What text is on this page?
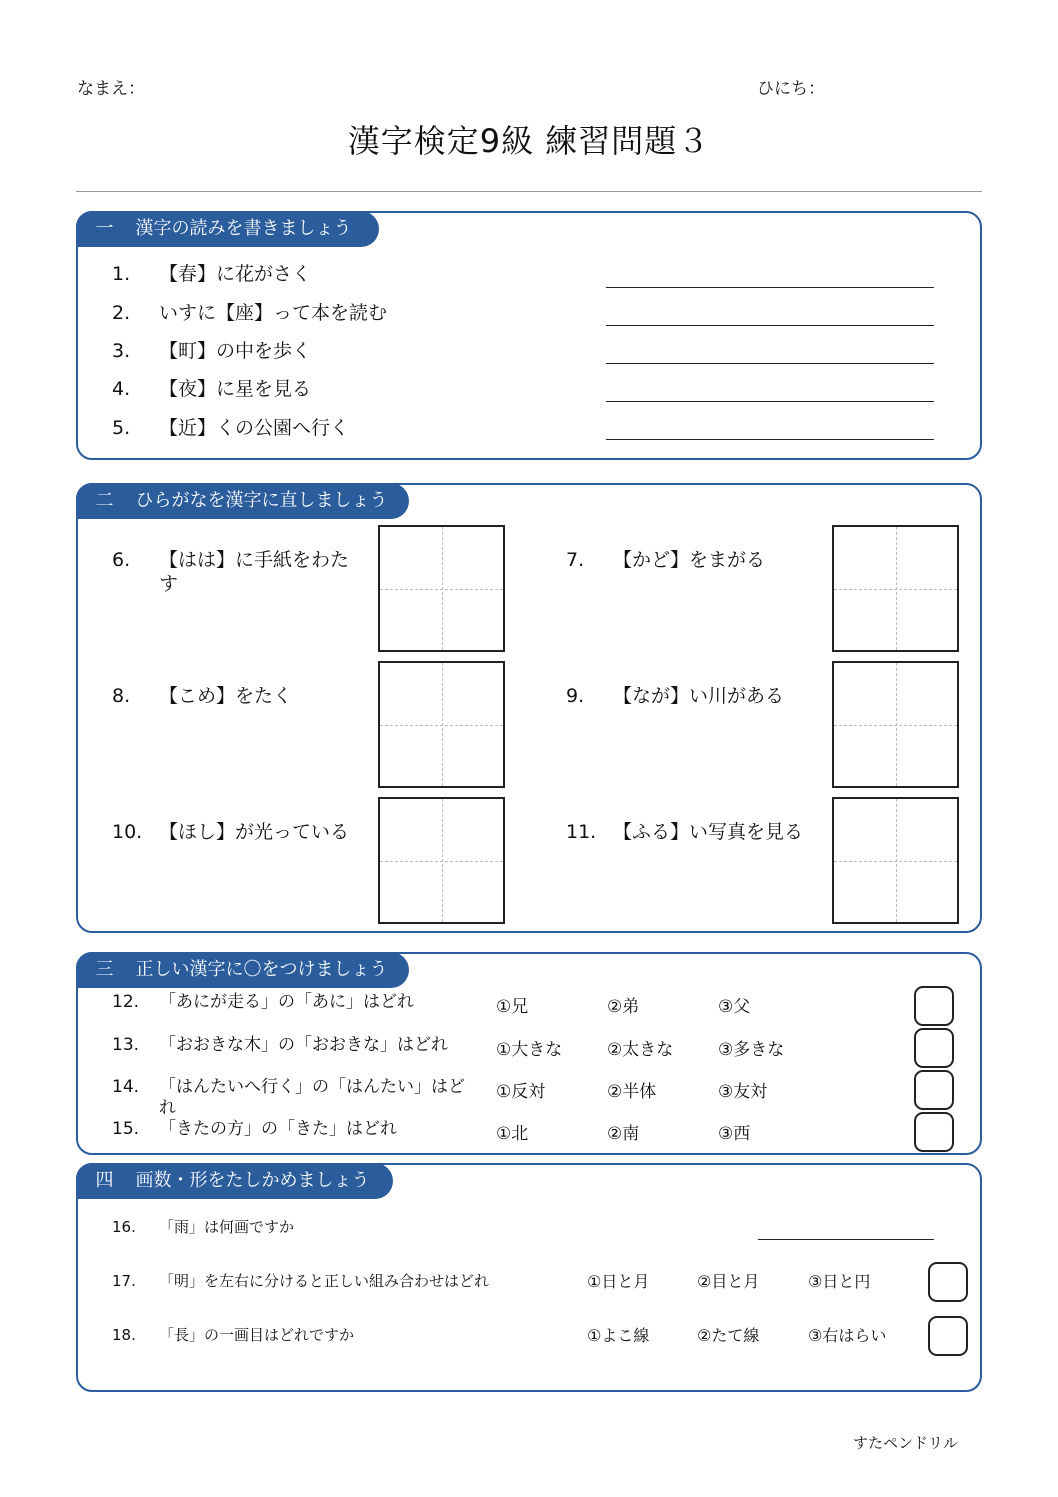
なまえ：	ひにち：
漢字検定9級 練習問題３
一 漢字の読みを書きましょう
1. 【春】に花がさく
2. いすに【座】って本を読む
3. 【町】の中を歩く
4. 【夜】に星を見る
5. 【近】くの公園へ行く
二 ひらがなを漢字に直しましょう
6. 【はは】に手紙をわたす
7. 【かど】をまがる
8. 【こめ】をたく	9. 【なが】い川がある
10. 【ほし】が光っている	11. 【ふる】い写真を見る
三 正しい漢字に〇をつけましょう
12. 「あにが走る」の「あに」はどれ	①兄	②弟	③父
13. 「おおきな木」の「おおきな」はどれ	①大きな	②太きな	③多きな
14. 「はんたいへ行く」の「はんたい」はどれ
①反対	②半体	③友対
15. 「きたの方」の「きた」はどれ	①北	②南	③西
四 画数・形をたしかめましょう
16. 「雨」は何画ですか
17. 「明」を左右に分けると正しい組み合わせはどれ	①日と月	②目と月	③日と円
18. 「長」の一画目はどれですか	①よこ線	②たて線	③右はらい
すたペンドリル
